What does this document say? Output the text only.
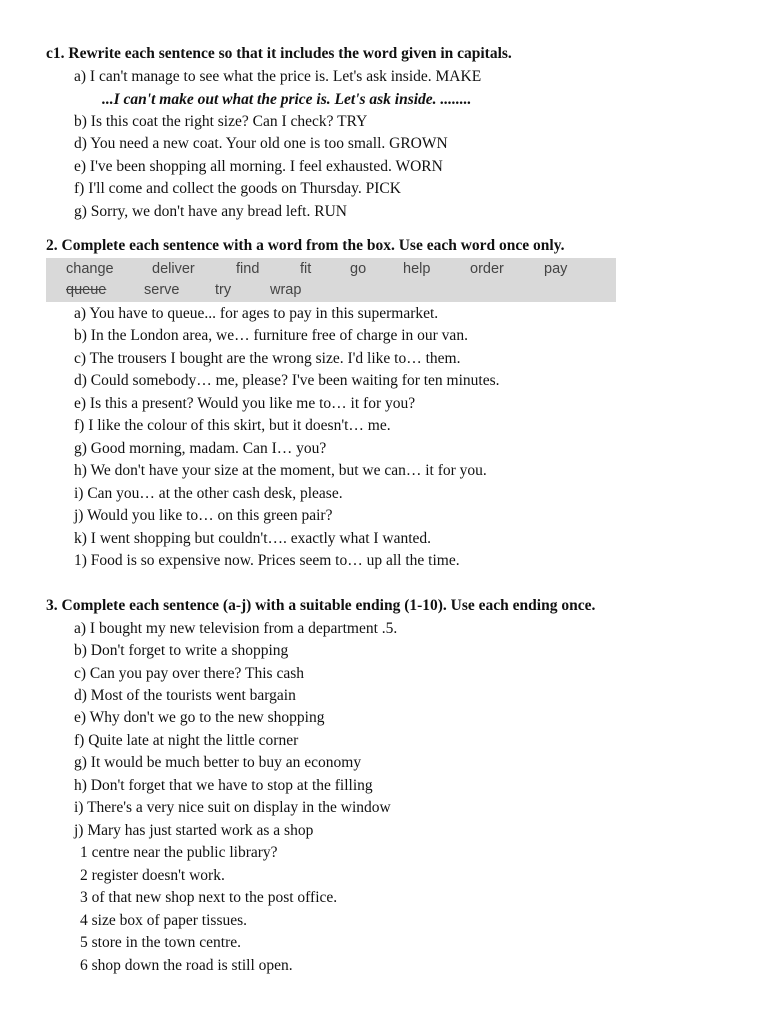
c1. Rewrite each sentence so that it includes the word given in capitals.
a) I can't manage to see what the price is. Let's ask inside. MAKE
...I can't make out what the price is. Let's ask inside. ........
b) Is this coat the right size? Can I check? TRY
d) You need a new coat. Your old one is too small. GROWN
e) I've been shopping all morning. I feel exhausted. WORN
f) I'll come and collect the goods on Thursday. PICK
g) Sorry, we don't have any bread left. RUN
2. Complete each sentence with a word from the box. Use each word once only.
change	deliver	find	fit	go	help	order	pay
queue	serve try	wrap
a) You have to queue... for ages to pay in this supermarket.
b) In the London area, we… furniture free of charge in our van.
c) The trousers I bought are the wrong size. I'd like to… them.
d) Could somebody… me, please? I've been waiting for ten minutes.
e) Is this a present? Would you like me to… it for you?
f) I like the colour of this skirt, but it doesn't… me.
g) Good morning, madam. Can I… you?
h) We don't have your size at the moment, but we can… it for you.
i) Can you… at the other cash desk, please.
j) Would you like to… on this green pair?
k) I went shopping but couldn't…. exactly what I wanted.
1) Food is so expensive now. Prices seem to… up all the time.
3. Complete each sentence (a-j) with a suitable ending (1-10). Use each ending once.
a) I bought my new television from a department .5.
b) Don't forget to write a shopping
c) Can you pay over there? This cash
d) Most of the tourists went bargain
e) Why don't we go to the new shopping
f) Quite late at night the little corner
g) It would be much better to buy an economy
h) Don't forget that we have to stop at the filling
i) There's a very nice suit on display in the window
j) Mary has just started work as a shop
1 centre near the public library?
2 register doesn't work.
3 of that new shop next to the post office.
4 size box of paper tissues.
5 store in the town centre.
6 shop down the road is still open.
